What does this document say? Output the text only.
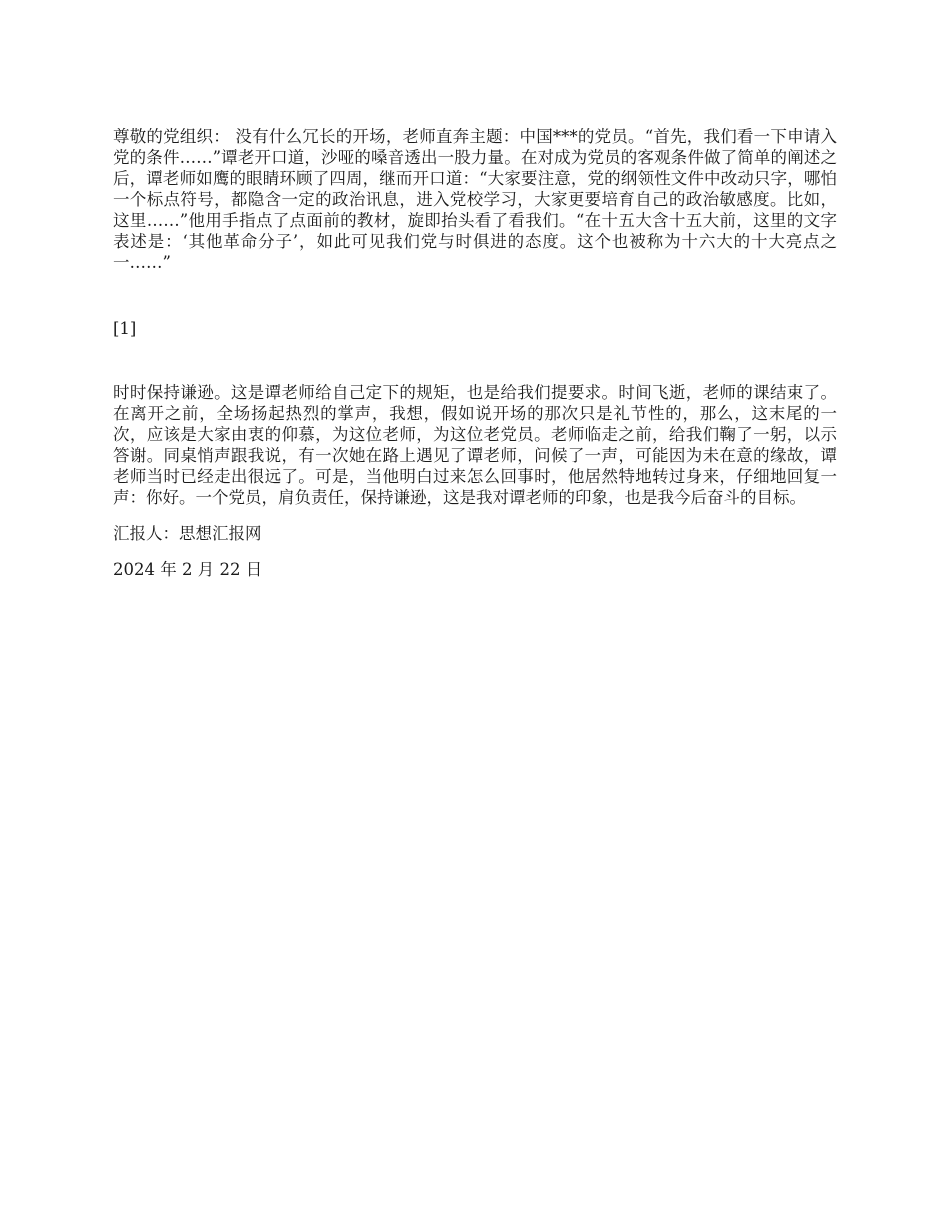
尊敬的党组织： 没有什么冗长的开场，老师直奔主题：中国***的党员。“首先，我们看一下申请入党的条件……”谭老开口道，沙哑的嗓音透出一股力量。在对成为党员的客观条件做了简单的阐述之后，谭老师如鹰的眼睛环顾了四周，继而开口道：“大家要注意，党的纲领性文件中改动只字，哪怕一个标点符号，都隐含一定的政治讯息，进入党校学习，大家更要培育自己的政治敏感度。比如，这里……”他用手指点了点面前的教材，旋即抬头看了看我们。“在十五大含十五大前，这里的文字表述是：‘其他革命分子’，如此可见我们党与时俱进的态度。这个也被称为十六大的十大亮点之一……”

[1]

时时保持谦逊。这是谭老师给自己定下的规矩，也是给我们提要求。时间飞逝，老师的课结束了。在离开之前，全场扬起热烈的掌声，我想，假如说开场的那次只是礼节性的，那么，这末尾的一次，应该是大家由衷的仰慕，为这位老师，为这位老党员。老师临走之前，给我们鞠了一躬，以示答谢。同桌悄声跟我说，有一次她在路上遇见了谭老师，问候了一声，可能因为未在意的缘故，谭老师当时已经走出很远了。可是，当他明白过来怎么回事时，他居然特地转过身来，仔细地回复一声：你好。一个党员，肩负责任，保持谦逊，这是我对谭老师的印象，也是我今后奋斗的目标。

汇报人：思想汇报网
2024 年 2 月 22 日
